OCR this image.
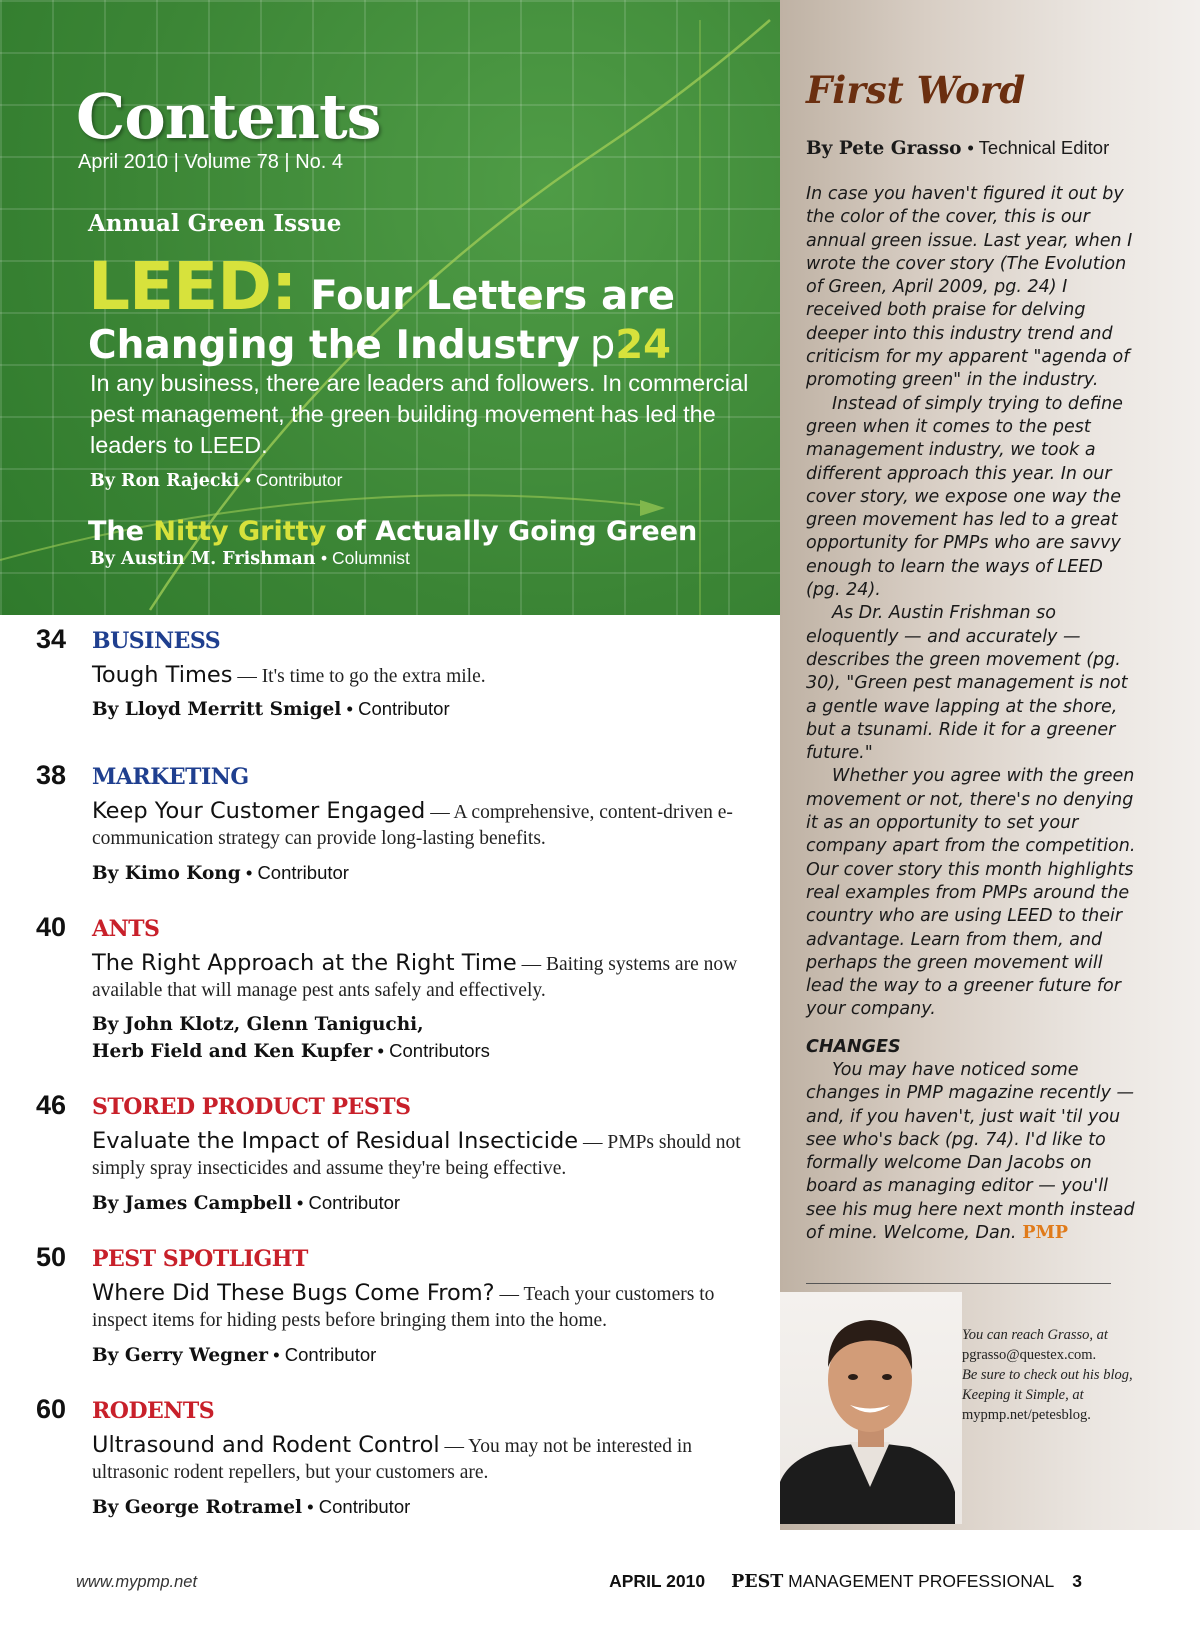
Contents
April 2010 | Volume 78 | No. 4
Annual Green Issue
LEED: Four Letters are
Changing the Industry p24
In any business, there are leaders and followers. In commercial pest management, the green building movement has led the leaders to LEED.
By Ron Rajecki • Contributor
The Nitty Gritty of Actually Going Green
By Austin M. Frishman • Columnist
First Word
By Pete Grasso • Technical Editor

In case you haven't figured it out by the color of the cover, this is our annual green issue. Last year, when I wrote the cover story (The Evolution of Green, April 2009, pg. 24) I received both praise for delving deeper into this industry trend and criticism for my apparent "agenda of promoting green" in the industry.

Instead of simply trying to define green when it comes to the pest management industry, we took a different approach this year. In our cover story, we expose one way the green movement has led to a great opportunity for PMPs who are savvy enough to learn the ways of LEED (pg. 24).

As Dr. Austin Frishman so eloquently — and accurately — describes the green movement (pg. 30), "Green pest management is not a gentle wave lapping at the shore, but a tsunami. Ride it for a greener future."

Whether you agree with the green movement or not, there's no denying it as an opportunity to set your company apart from the competition. Our cover story this month highlights real examples from PMPs around the country who are using LEED to their advantage. Learn from them, and perhaps the green movement will lead the way to a greener future for your company.

CHANGES

You may have noticed some changes in PMP magazine recently — and, if you haven't, just wait 'til you see who's back (pg. 74). I'd like to formally welcome Dan Jacobs on board as managing editor — you'll see his mug here next month instead of mine. Welcome, Dan. PMP

You can reach Grasso, at
pgrasso@questex.com.
Be sure to check out his blog, Keeping it Simple, at mypmp.net/petesblog.
34 BUSINESS
Tough Times — It's time to go the extra mile.
By Lloyd Merritt Smigel • Contributor
38 MARKETING
Keep Your Customer Engaged — A comprehensive, content-driven e-communication strategy can provide long-lasting benefits.
By Kimo Kong • Contributor
40 ANTS
The Right Approach at the Right Time — Baiting systems are now available that will manage pest ants safely and effectively.
By John Klotz, Glenn Taniguchi,
Herb Field and Ken Kupfer • Contributors
46 STORED PRODUCT PESTS
Evaluate the Impact of Residual Insecticide — PMPs should not simply spray insecticides and assume they're being effective.
By James Campbell • Contributor
50 PEST SPOTLIGHT
Where Did These Bugs Come From? — Teach your customers to inspect items for hiding pests before bringing them into the home.
By Gerry Wegner • Contributor
60 RODENTS
Ultrasound and Rodent Control — You may not be interested in ultrasonic rodent repellers, but your customers are.
By George Rotramel • Contributor
www.mypmp.net	APRIL 2010 PEST MANAGEMENT PROFESSIONAL 3
